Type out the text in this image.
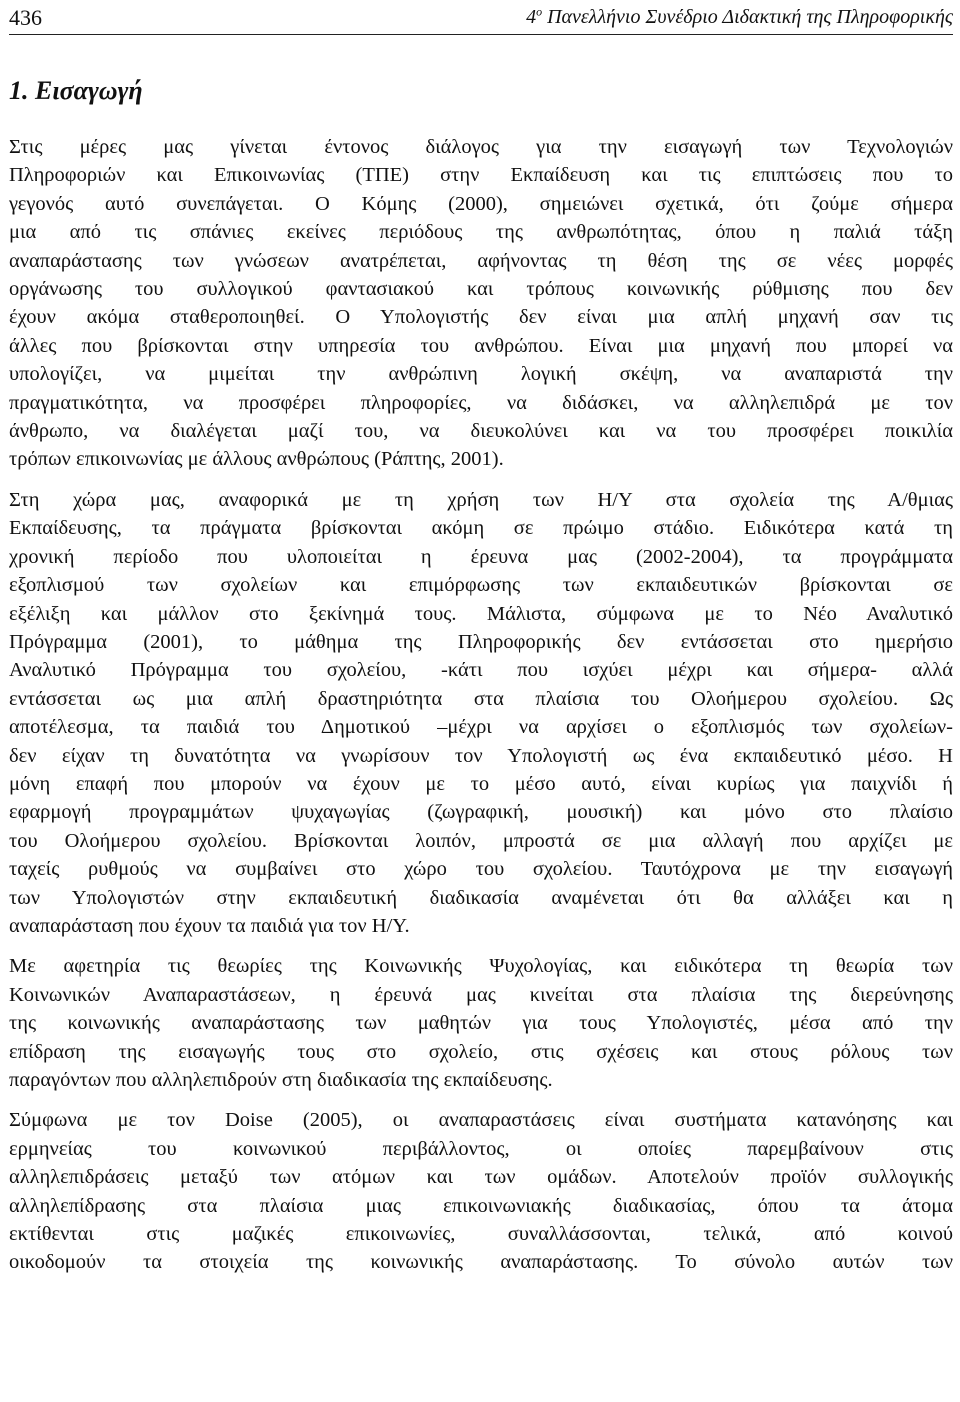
436	$4^o$ Πανελλήνιο Συνέδριο Διδακτική της Πληροφορικής
1. Εισαγωγή
Στις μέρες μας γίνεται έντονος διάλογος για την εισαγωγή των Τεχνολογιών
Πληροφοριών και Επικοινωνίας (ΤΠΕ) στην Εκπαίδευση και τις επιπτώσεις που το
γεγονός αυτό συνεπάγεται. Ο Κόμης (2000), σημειώνει σχετικά, ότι ζούμε σήμερα
μια από τις σπάνιες εκείνες περιόδους της ανθρωπότητας, όπου η παλιά τάξη
αναπαράστασης των γνώσεων ανατρέπεται, αφήνοντας τη θέση της σε νέες μορφές
οργάνωσης του συλλογικού φαντασιακού και τρόπους κοινωνικής ρύθμισης που δεν
έχουν ακόμα σταθεροποιηθεί. Ο Υπολογιστής δεν είναι μια απλή μηχανή σαν τις
άλλες που βρίσκονται στην υπηρεσία του ανθρώπου. Είναι μια μηχανή που μπορεί να
υπολογίζει, να μιμείται την ανθρώπινη λογική σκέψη, να αναπαριστά την
πραγματικότητα, να προσφέρει πληροφορίες, να διδάσκει, να αλληλεπιδρά με τον
άνθρωπο, να διαλέγεται μαζί του, να διευκολύνει και να του προσφέρει ποικιλία
τρόπων επικοινωνίας με άλλους ανθρώπους (Ράπτης, 2001).
Στη χώρα μας, αναφορικά με τη χρήση των Η/Υ στα σχολεία της Α/θμιας
Εκπαίδευσης, τα πράγματα βρίσκονται ακόμη σε πρώιμο στάδιο. Ειδικότερα κατά τη
χρονική περίοδο που υλοποιείται η έρευνα μας (2002-2004), τα προγράμματα
εξοπλισμού των σχολείων και επιμόρφωσης των εκπαιδευτικών βρίσκονται σε
εξέλιξη και μάλλον στο ξεκίνημά τους. Μάλιστα, σύμφωνα με το Νέο Αναλυτικό
Πρόγραμμα (2001), το μάθημα της Πληροφορικής δεν εντάσσεται στο ημερήσιο
Αναλυτικό Πρόγραμμα του σχολείου, -κάτι που ισχύει μέχρι και σήμερα- αλλά
εντάσσεται ως μια απλή δραστηριότητα στα πλαίσια του Ολοήμερου σχολείου. Ως
αποτέλεσμα, τα παιδιά του Δημοτικού –μέχρι να αρχίσει ο εξοπλισμός των σχολείων-
δεν είχαν τη δυνατότητα να γνωρίσουν τον Υπολογιστή ως ένα εκπαιδευτικό μέσο. Η
μόνη επαφή που μπορούν να έχουν με το μέσο αυτό, είναι κυρίως για παιχνίδι ή
εφαρμογή προγραμμάτων ψυχαγωγίας (ζωγραφική, μουσική) και μόνο στο πλαίσιο
του Ολοήμερου σχολείου. Βρίσκονται λοιπόν, μπροστά σε μια αλλαγή που αρχίζει με
ταχείς ρυθμούς να συμβαίνει στο χώρο του σχολείου. Ταυτόχρονα με την εισαγωγή
των Υπολογιστών στην εκπαιδευτική διαδικασία αναμένεται ότι θα αλλάξει και η
αναπαράσταση που έχουν τα παιδιά για τον Η/Υ.
Με αφετηρία τις θεωρίες της Κοινωνικής Ψυχολογίας, και ειδικότερα τη θεωρία των
Κοινωνικών Αναπαραστάσεων, η έρευνά μας κινείται στα πλαίσια της διερεύνησης
της κοινωνικής αναπαράστασης των μαθητών για τους Υπολογιστές, μέσα από την
επίδραση της εισαγωγής τους στο σχολείο, στις σχέσεις και στους ρόλους των
παραγόντων που αλληλεπιδρούν στη διαδικασία της εκπαίδευσης.
Σύμφωνα με τον Doise (2005), οι αναπαραστάσεις είναι συστήματα κατανόησης και
ερμηνείας του κοινωνικού περιβάλλοντος, οι οποίες παρεμβαίνουν στις
αλληλεπιδράσεις μεταξύ των ατόμων και των ομάδων. Αποτελούν προϊόν συλλογικής
αλληλεπίδρασης στα πλαίσια μιας επικοινωνιακής διαδικασίας, όπου τα άτομα
εκτίθενται στις μαζικές επικοινωνίες, συναλλάσσονται, τελικά, από κοινού
οικοδομούν τα στοιχεία της κοινωνικής αναπαράστασης. Το σύνολο αυτών των
